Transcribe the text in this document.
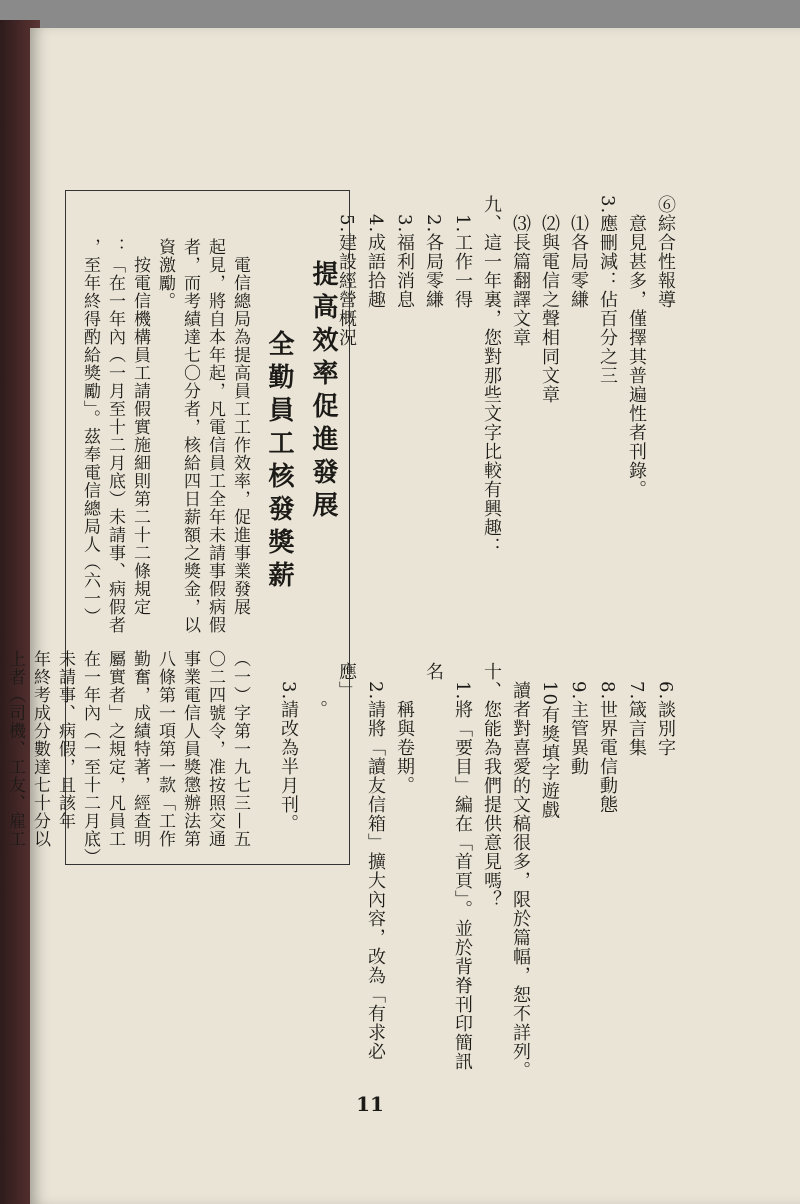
⑥綜合性報導
　意見甚多，僅擇其普遍性者刊錄。
3.應刪減：佔百分之三
　⑴各局零縑
　⑵與電信之聲相同文章
　⑶長篇翻譯文章
九、這一年裏，您對那些文字比較有興趣：
　1.工作一得
　2.各局零縑
　3.福利消息
　4.成語拾趣
　5.建設經營概況
　6.談別字
　7.箴言集
　8.世界電信動態
　9.主管異動
　10有獎填字遊戲
　讀者對喜愛的文稿很多，限於篇幅，恕不詳列。
十、您能為我們提供意見嗎？
　1.將「要目」編在「首頁」。並於背脊刊印簡訊名
　　稱與卷期。
　2.請將「讀友信箱」擴大內容，改為「有求必應」
　　。
　3.請改為半月刊。
提高效率促進發展
全勤員工核發獎薪
　電信總局為提高員工工作效率，促進事業發展
起見，將自本年起，凡電信員工全年未請事假病假
者，而考績達七〇分者，核給四日薪額之獎金，以
資激勵。
　按電信機構員工請假實施細則第二十二條規定
：「在一年內（一月至十二月底）未請事、病假者
，至年終得酌給獎勵」。茲奉電信總局人（六一）
（一）字第一九七三—五〇二四號令，准按照交通
事業電信人員獎懲辦法第八條第一項第一款「工作
勤奮，成績特著，經查明屬實者」之規定，凡員工
在一年內（一至十二月底）未請事、病假，且該年
年終考成分數達七十分以上者（司機、工友、雇工
11
